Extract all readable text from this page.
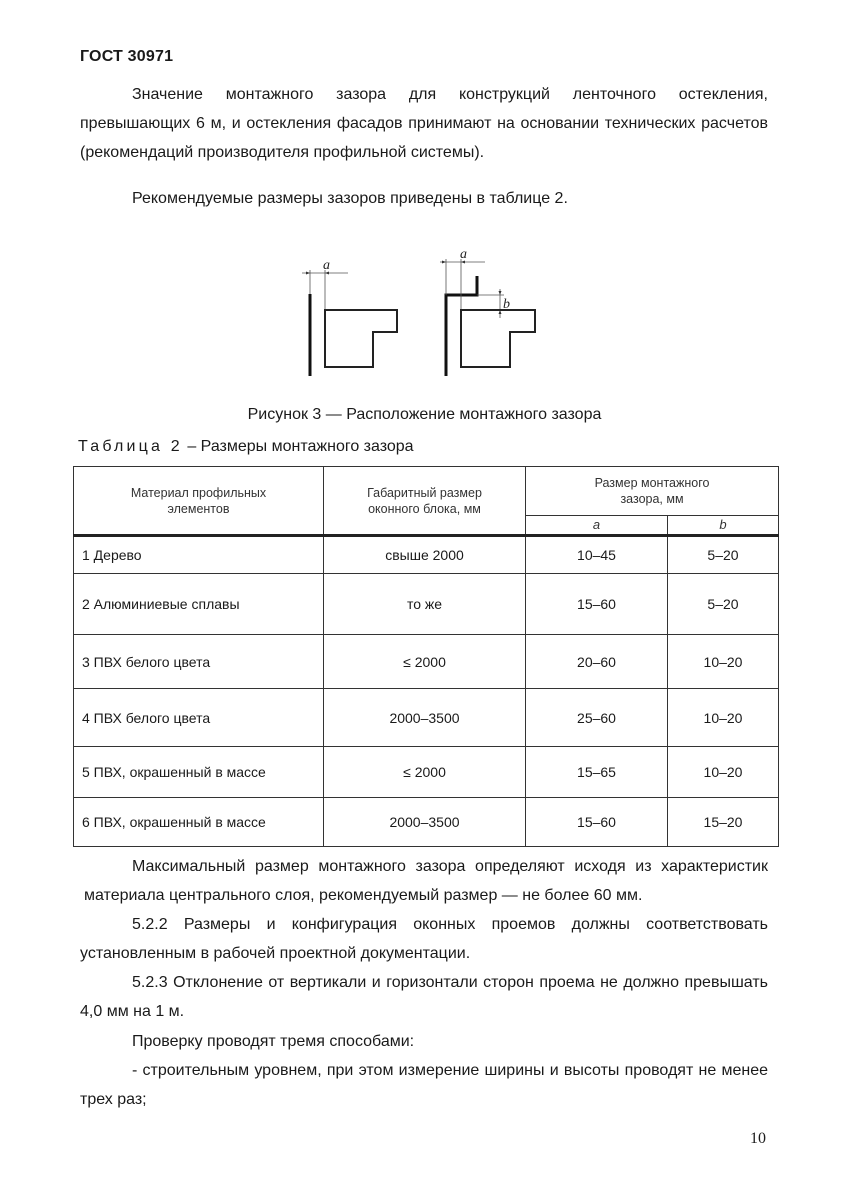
ГОСТ 30971

Значение монтажного зазора для конструкций ленточного остекления, превышающих 6 м, и остекления фасадов принимают на основании технических расчетов (рекомендаций производителя профильной системы).

Рекомендуемые размеры зазоров приведены в таблице 2.

a
a
b
Рисунок 3 — Расположение монтажного зазора
Таблица 2 – Размеры монтажного зазора
Материал профильных элементов	Габаритный размер оконного блока, мм	Размер монтажного зазора, мм	
		a	b
1 Дерево	свыше 2000	10–45	5–20
2 Алюминиевые сплавы	то же	15–60	5–20
3 ПВХ белого цвета	≤ 2000	20–60	10–20
4 ПВХ белого цвета	2000–3500	25–60	10–20
5 ПВХ, окрашенный в массе	≤ 2000	15–65	10–20
6 ПВХ, окрашенный в массе	2000–3500	15–60	15–20

Максимальный размер монтажного зазора определяют исходя из характеристик

материала центрального слоя, рекомендуемый размер — не более 60 мм.

5.2.2 Размеры и конфигурация оконных проемов должны соответствовать установленным в рабочей проектной документации.

5.2.3 Отклонение от вертикали и горизонтали сторон проема не должно превышать 4,0 мм на 1 м.

Проверку проводят тремя способами:

- строительным уровнем, при этом измерение ширины и высоты проводят не менее трех раз;

10
